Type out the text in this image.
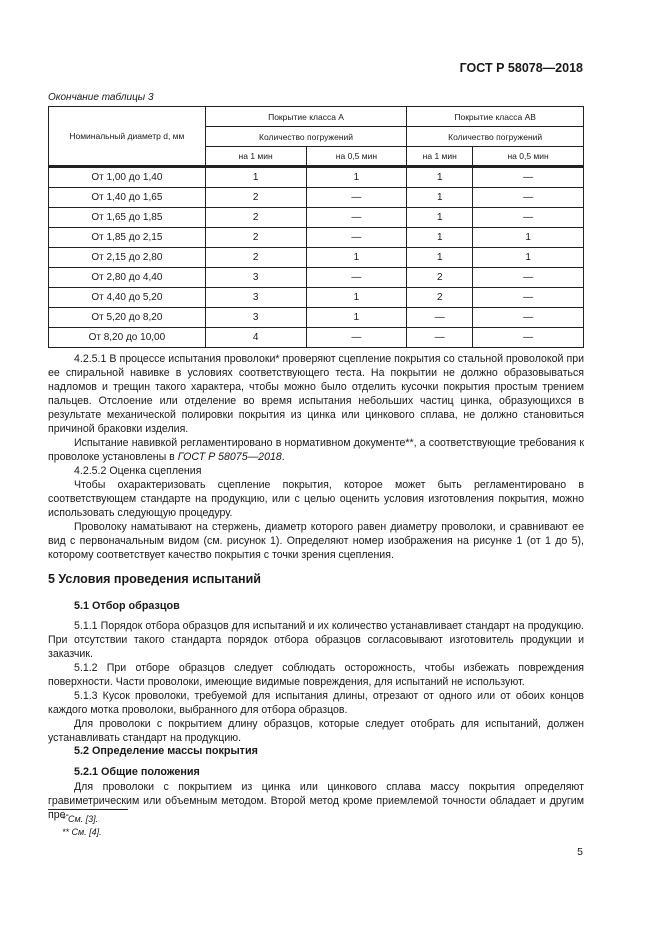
ГОСТ Р 58078—2018
Окончание таблицы 3
Номинальный диаметр d, мм	Покрытие класса А		Покрытие класса АВ	
	Количество погружений		Количество погружений	
	на 1 мин	на 0,5 мин	на 1 мин	на 0,5 мин

От 1,00 до 1,40	1	1	1	—
От 1,40 до 1,65	2	—	1	—
От 1,65 до 1,85	2	—	1	—
От 1,85 до 2,15	2	—	1	1
От 2,15 до 2,80	2	1	1	1
От 2,80 до 4,40	3	—	2	—
От 4,40 до 5,20	3	1	2	—
От 5,20 до 8,20	3	1	—	—
От 8,20 до 10,00	4	—	—	—

4.2.5.1 В процессе испытания проволоки* проверяют сцепление покрытия со стальной проволокой при ее спиральной навивке в условиях соответствующего теста. На покрытии не должно образовываться надломов и трещин такого характера, чтобы можно было отделить кусочки покрытия простым трением пальцев. Отслоение или отделение во время испытания небольших частиц цинка, образующихся в результате механической полировки покрытия из цинка или цинкового сплава, не должно становиться причиной браковки изделия.

Испытание навивкой регламентировано в нормативном документе**, а соответствующие требования к проволоке установлены в ГОСТ Р 58075—2018.

4.2.5.2 Оценка сцепления

Чтобы охарактеризовать сцепление покрытия, которое может быть регламентировано в соответствующем стандарте на продукцию, или с целью оценить условия изготовления покрытия, можно использовать следующую процедуру.

Проволоку наматывают на стержень, диаметр которого равен диаметру проволоки, и сравнивают ее вид с первоначальным видом (см. рисунок 1). Определяют номер изображения на рисунке 1 (от 1 до 5), которому соответствует качество покрытия с точки зрения сцепления.

5 Условия проведения испытаний
5.1 Отбор образцов

5.1.1 Порядок отбора образцов для испытаний и их количество устанавливает стандарт на продукцию. При отсутствии такого стандарта порядок отбора образцов согласовывают изготовитель продукции и заказчик.

5.1.2 При отборе образцов следует соблюдать осторожность, чтобы избежать повреждения поверхности. Части проволоки, имеющие видимые повреждения, для испытаний не используют.

5.1.3 Кусок проволоки, требуемой для испытания длины, отрезают от одного или от обоих концов каждого мотка проволоки, выбранного для отбора образцов.

Для проволоки с покрытием длину образцов, которые следует отобрать для испытаний, должен устанавливать стандарт на продукцию.

5.2 Определение массы покрытия
5.2.1 Общие положения

Для проволоки с покрытием из цинка или цинкового сплава массу покрытия определяют гравиметрическим или объемным методом. Второй метод кроме приемлемой точности обладает и другим пре-

* См. [3].
** См. [4].
5
